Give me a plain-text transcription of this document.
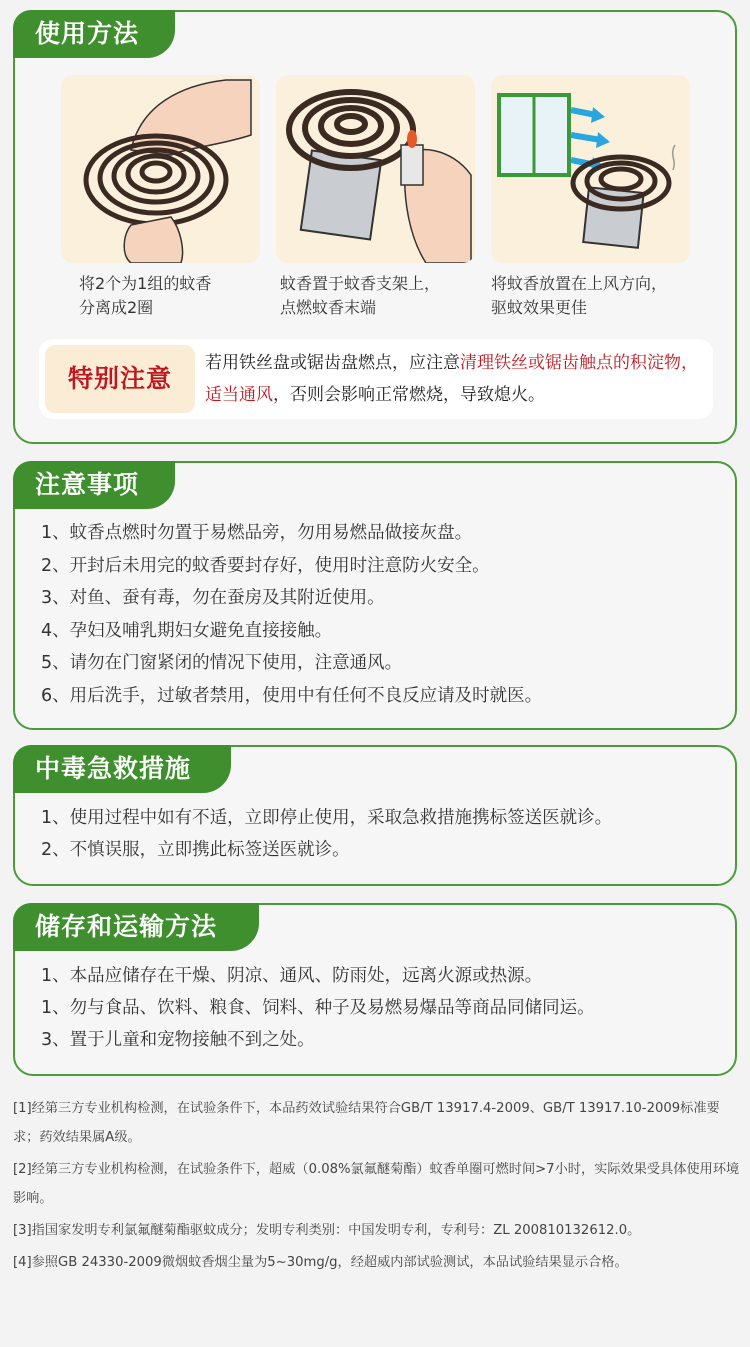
使用方法
将2个为1组的蚊香
分离成2圈
蚊香置于蚊香支架上，
点燃蚊香末端
将蚊香放置在上风方向，
驱蚊效果更佳
特别注意
若用铁丝盘或锯齿盘燃点，应注意清理铁丝或锯齿触点的积淀物，适当通风，否则会影响正常燃烧，导致熄火。
注意事项
1、蚊香点燃时勿置于易燃品旁，勿用易燃品做接灰盘。
2、开封后未用完的蚊香要封存好，使用时注意防火安全。
3、对鱼、蚕有毒，勿在蚕房及其附近使用。
4、孕妇及哺乳期妇女避免直接接触。
5、请勿在门窗紧闭的情况下使用，注意通风。
6、用后洗手，过敏者禁用，使用中有任何不良反应请及时就医。
中毒急救措施
1、使用过程中如有不适，立即停止使用，采取急救措施携标签送医就诊。
2、不慎误服，立即携此标签送医就诊。
储存和运输方法
1、本品应储存在干燥、阴凉、通风、防雨处，远离火源或热源。
1、勿与食品、饮料、粮食、饲料、种子及易燃易爆品等商品同储同运。
3、置于儿童和宠物接触不到之处。

[1]经第三方专业机构检测，在试验条件下，本品药效试验结果符合GB/T 13917.4-2009、GB/T 13917.10-2009标准要求；药效结果属A级。

[2]经第三方专业机构检测，在试验条件下，超威（0.08%氯氟醚菊酯）蚊香单圈可燃时间>7小时，实际效果受具体使用环境影响。

[3]指国家发明专利氯氟醚菊酯驱蚊成分；发明专利类别：中国发明专利，专利号：ZL 200810132612.0。

[4]参照GB 24330-2009微烟蚊香烟尘量为5~30mg/g，经超威内部试验测试，本品试验结果显示合格。
